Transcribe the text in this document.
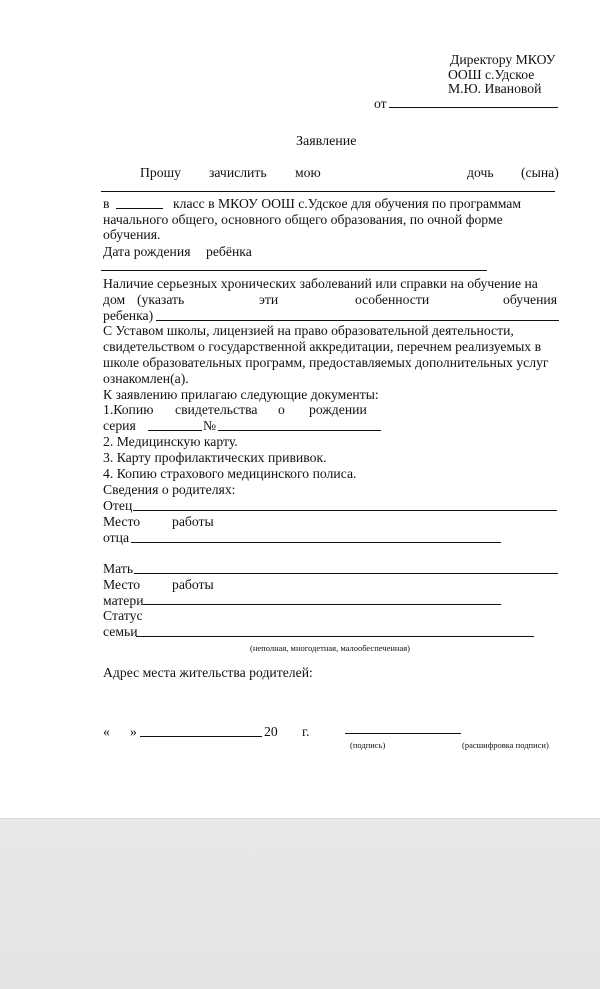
Директору МКОУ
ООШ с.Удское
М.Ю. Ивановой
от
Заявление
Прошу зачислить мою	дочь (сына)
в	класс в МКОУ ООШ с.Удское для обучения по программам
начального общего, основного общего образования, по очной форме
обучения.
Дата рождения ребёнка
Наличие серьезных хронических заболеваний или справки на обучение на
дом (указать	эти	особенности	обучения
ребенка)
С Уставом школы, лицензией на право образовательной деятельности,
свидетельством о государственной аккредитации, перечнем реализуемых в
школе образовательных программ, предоставляемых дополнительных услуг
ознакомлен(а).
К заявлению прилагаю следующие документы:
1.Копию свидетельства о рождении
серия	№
2. Медицинскую карту.
3. Карту профилактических прививок.
4. Копию страхового медицинского полиса.
Сведения о родителях:
Отец
Место работы
отца
Мать
Место работы
матери
Статус
семьи
(неполная, многодетная, малообеспеченная)
Адрес места жительства родителей:
« »	20 г.
(подпись)	(расшифровка подписи)
